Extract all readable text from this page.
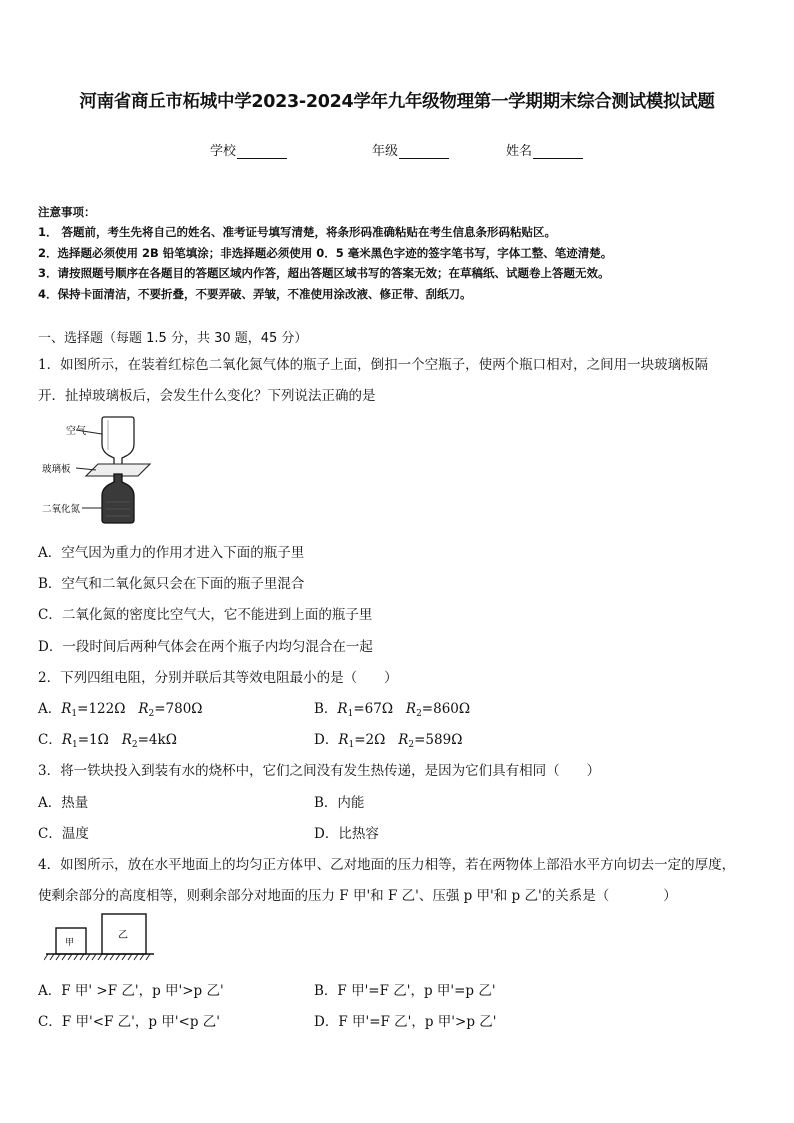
河南省商丘市柘城中学2023-2024学年九年级物理第一学期期末综合测试模拟试题
学校	年级	姓名
注意事项：
1． 答题前，考生先将自己的姓名、准考证号填写清楚，将条形码准确粘贴在考生信息条形码粘贴区。
2．选择题必须使用 2B 铅笔填涂；非选择题必须使用 0．5 毫米黑色字迹的签字笔书写，字体工整、笔迹清楚。
3．请按照题号顺序在各题目的答题区域内作答，超出答题区域书写的答案无效；在草稿纸、试题卷上答题无效。
4．保持卡面清洁，不要折叠，不要弄破、弄皱，不准使用涂改液、修正带、刮纸刀。
一、选择题（每题 1.5 分，共 30 题，45 分）
1．如图所示，在装着红棕色二氧化氮气体的瓶子上面，倒扣一个空瓶子，使两个瓶口相对，之间用一块玻璃板隔
开．扯掉玻璃板后，会发生什么变化？下列说法正确的是
空气
玻璃板
二氧化氮
A．空气因为重力的作用才进入下面的瓶子里
B．空气和二氧化氮只会在下面的瓶子里混合
C．二氧化氮的密度比空气大，它不能进到上面的瓶子里
D．一段时间后两种气体会在两个瓶子内均匀混合在一起
2．下列四组电阻，分别并联后其等效电阻最小的是（　　）
A．$R_1=122\Omega$ $R_2=780\Omega$	B．$R_1=67\Omega$ $R_2=860\Omega$
C．$R_1=1\Omega$ $R_2=4k\Omega$	D．$R_1=2\Omega$ $R_2=589\Omega$
3．将一铁块投入到装有水的烧杯中，它们之间没有发生热传递，是因为它们具有相同（　　）
A．热量	B．内能
C．温度	D．比热容
4．如图所示，放在水平地面上的均匀正方体甲、乙对地面的压力相等，若在两物体上部沿水平方向切去一定的厚度，
使剩余部分的高度相等，则剩余部分对地面的压力 F 甲'和 F 乙'、压强 p 甲'和 p 乙'的关系是（　　　　）
甲
乙
A．F 甲' >F 乙'，p 甲'>p 乙'	B．F 甲'=F 乙'，p 甲'=p 乙'
C．F 甲'<F 乙'，p 甲'<p 乙'	D．F 甲'=F 乙'，p 甲'>p 乙'
